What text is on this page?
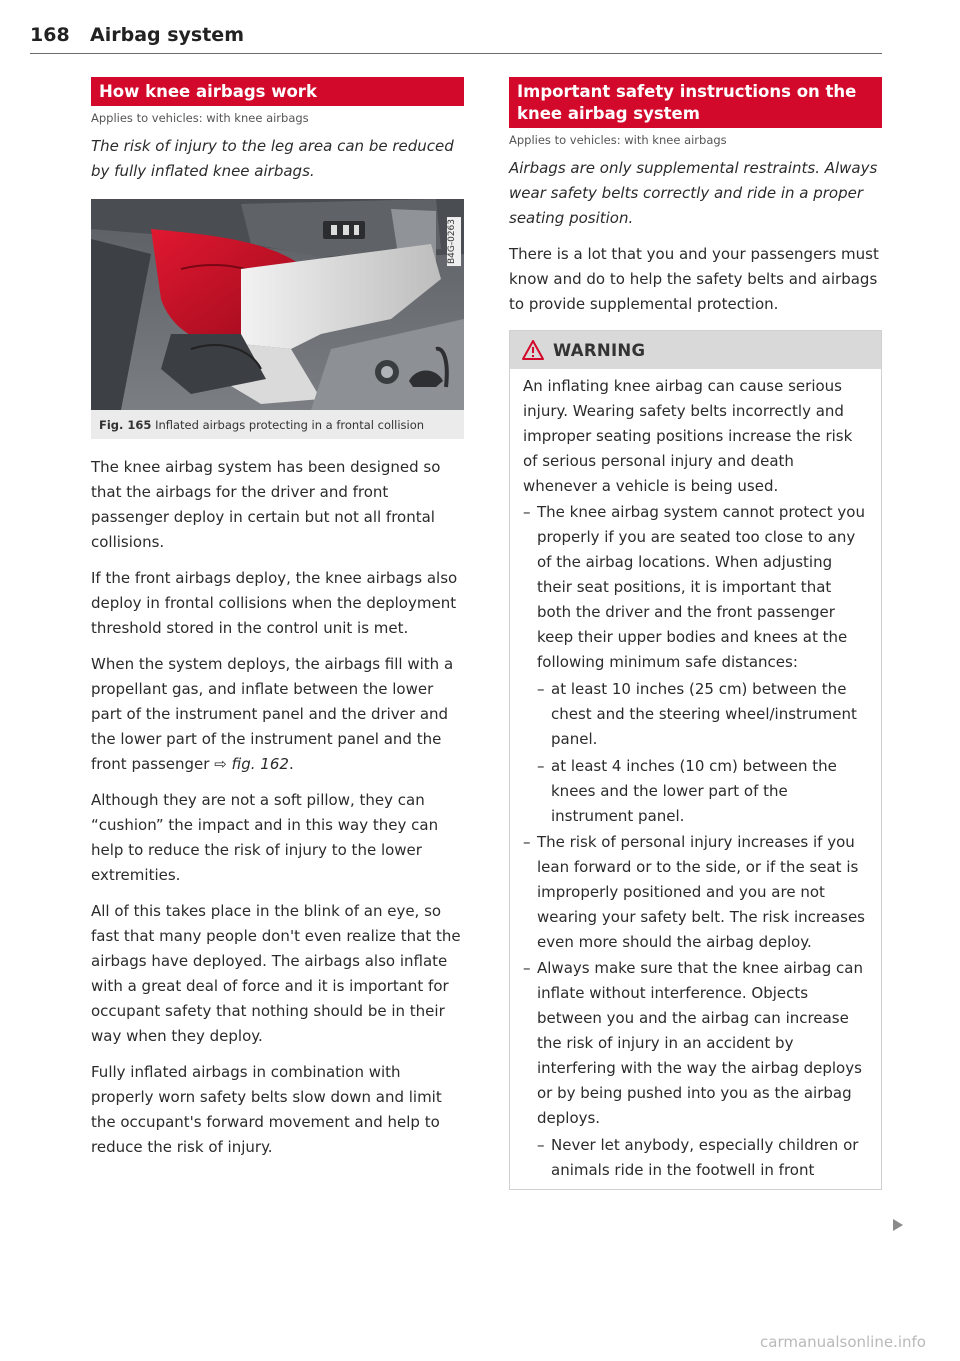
168 Airbag system
How knee airbags work
Applies to vehicles: with knee airbags
The risk of injury to the leg area can be reduced by fully inflated knee airbags.
B4G-0263
Fig. 165 Inflated airbags protecting in a frontal collision
The knee airbag system has been designed so that the airbags for the driver and front passenger deploy in certain but not all frontal collisions.
If the front airbags deploy, the knee airbags also deploy in frontal collisions when the deployment threshold stored in the control unit is met.
When the system deploys, the airbags fill with a propellant gas, and inflate between the lower part of the instrument panel and the driver and the lower part of the instrument panel and the front passenger ⇨ fig. 162.
Although they are not a soft pillow, they can “cushion” the impact and in this way they can help to reduce the risk of injury to the lower extremities.
All of this takes place in the blink of an eye, so fast that many people don't even realize that the airbags have deployed. The airbags also inflate with a great deal of force and it is important for occupant safety that nothing should be in their way when they deploy.
Fully inflated airbags in combination with properly worn safety belts slow down and limit the occupant's forward movement and help to reduce the risk of injury.
Important safety instructions on the knee airbag system
Applies to vehicles: with knee airbags
Airbags are only supplemental restraints. Always wear safety belts correctly and ride in a proper seating position.
There is a lot that you and your passengers must know and do to help the safety belts and airbags to provide supplemental protection.
WARNING
An inflating knee airbag can cause serious injury. Wearing safety belts incorrectly and improper seating positions increase the risk of serious personal injury and death whenever a vehicle is being used.
– The knee airbag system cannot protect you properly if you are seated too close to any of the airbag locations. When adjusting their seat positions, it is important that both the driver and the front passenger keep their upper bodies and knees at the following minimum safe distances:
– at least 10 inches (25 cm) between the chest and the steering wheel/instrument panel.
– at least 4 inches (10 cm) between the knees and the lower part of the instrument panel.
– The risk of personal injury increases if you lean forward or to the side, or if the seat is improperly positioned and you are not wearing your safety belt. The risk increases even more should the airbag deploy.
– Always make sure that the knee airbag can inflate without interference. Objects between you and the airbag can increase the risk of injury in an accident by interfering with the way the airbag deploys or by being pushed into you as the airbag deploys.
– Never let anybody, especially children or animals ride in the footwell in front
carmanualsonline.info
